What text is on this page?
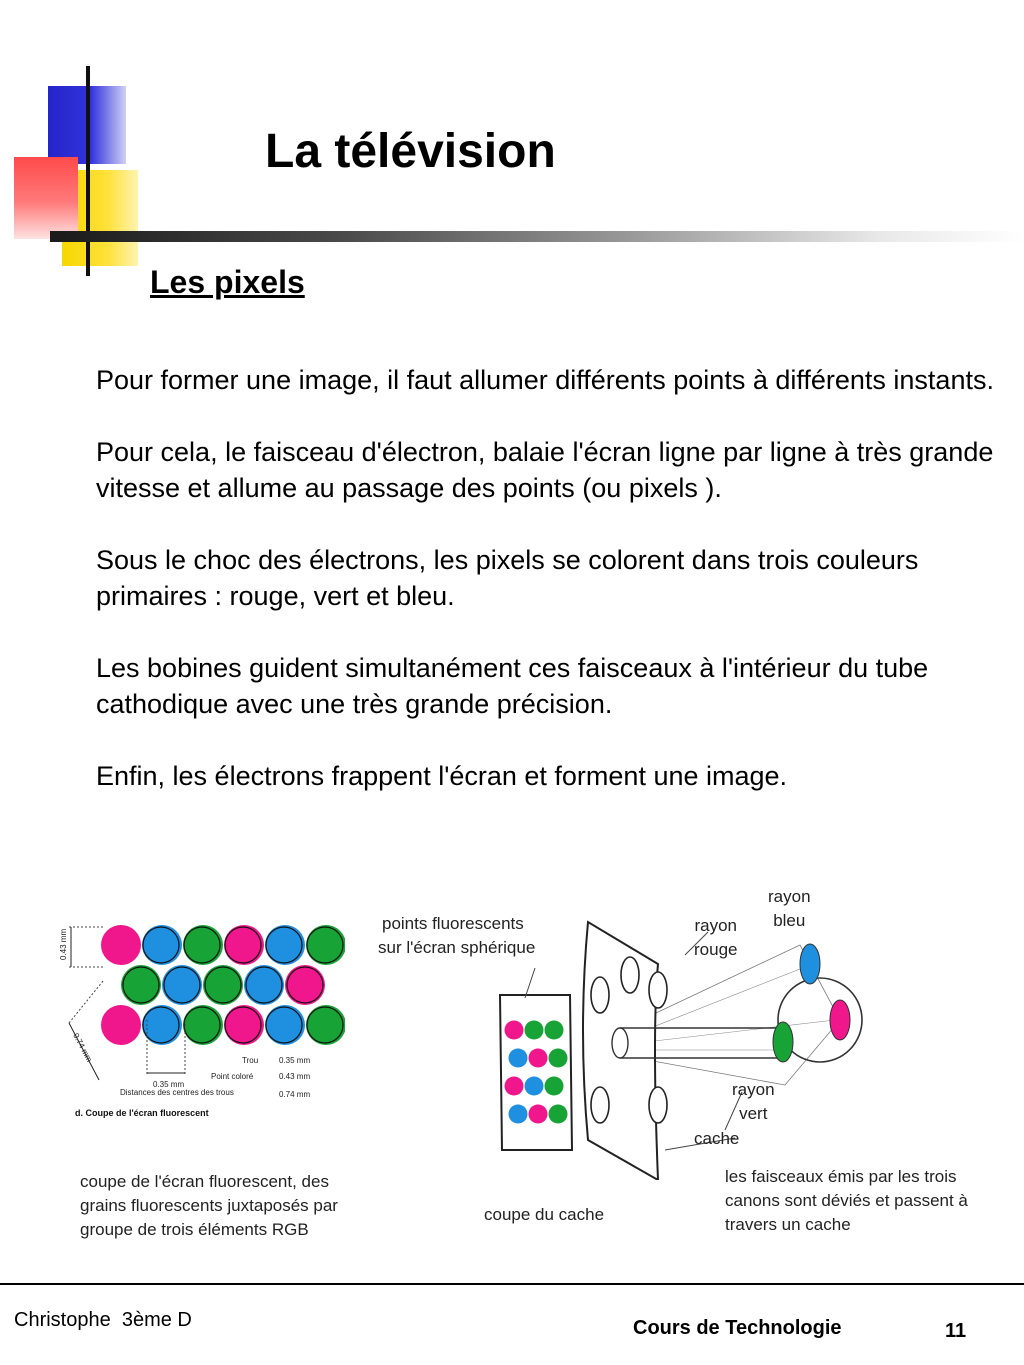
La télévision
Les pixels

Pour former une image, il faut allumer différents points à différents instants.

Pour cela, le faisceau d'électron, balaie l'écran ligne par ligne à très grande vitesse et allume au passage des points (ou pixels ).

Sous le choc des électrons, les pixels se colorent dans trois couleurs primaires : rouge, vert et bleu.

Les bobines guident simultanément ces faisceaux à l'intérieur du tube cathodique avec une très grande précision.

Enfin, les électrons frappent l'écran et forment une image.

0.43 mm
0.74 mm
0.35 mm
Trou	0.35 mm
Point coloré	0.43 mm
Distances des centres des trous	0.74 mm
d. Coupe de l'écran fluorescent
coupe de l'écran fluorescent, des
grains fluorescents juxtaposés par
groupe de trois éléments RGB
points fluorescents
sur l'écran sphérique
rayon
rouge
rayon
bleu
rayon
vert
cache
coupe du cache
les faisceaux émis par les trois
canons sont déviés et passent à
travers un cache
Christophe  3ème D	Cours de Technologie	11
